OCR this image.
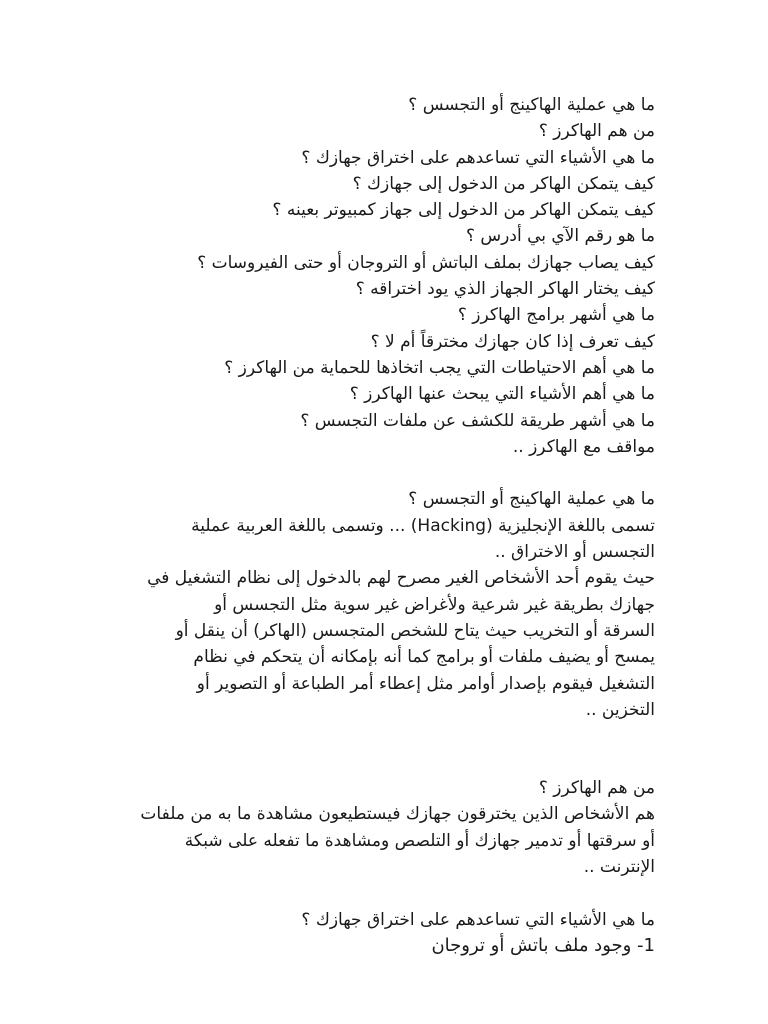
ما هي عملية الهاكينج أو التجسس ؟
من هم الهاكرز ؟
ما هي الأشياء التي تساعدهم على اختراق جهازك ؟
كيف يتمكن الهاكر من الدخول إلى جهازك ؟
كيف يتمكن الهاكر من الدخول إلى جهاز كمبيوتر بعينه ؟
ما هو رقم الآي بي أدرس ؟
كيف يصاب جهازك بملف الباتش أو التروجان أو حتى الفيروسات ؟
كيف يختار الهاكر الجهاز الذي يود اختراقه ؟
ما هي أشهر برامج الهاكرز ؟
كيف تعرف إذا كان جهازك مخترقاً أم لا ؟
ما هي أهم الاحتياطات التي يجب اتخاذها للحماية من الهاكرز ؟
ما هي أهم الأشياء التي يبحث عنها الهاكرز ؟
ما هي أشهر طريقة للكشف عن ملفات التجسس ؟
مواقف مع الهاكرز ..
ما هي عملية الهاكينج أو التجسس ؟
تسمى باللغة الإنجليزية (Hacking) ... وتسمى باللغة العربية عملية
التجسس أو الاختراق ..
حيث يقوم أحد الأشخاص الغير مصرح لهم بالدخول إلى نظام التشغيل في
جهازك بطريقة غير شرعية ولأغراض غير سوية مثل التجسس أو
السرقة أو التخريب حيث يتاح للشخص المتجسس (الهاكر) أن ينقل أو
يمسح أو يضيف ملفات أو برامج كما أنه بإمكانه أن يتحكم في نظام
التشغيل فيقوم بإصدار أوامر مثل إعطاء أمر الطباعة أو التصوير أو
التخزين ..
من هم الهاكرز ؟
هم الأشخاص الذين يخترقون جهازك فيستطيعون مشاهدة ما به من ملفات
أو سرقتها أو تدمير جهازك أو التلصص ومشاهدة ما تفعله على شبكة
الإنترنت ..
ما هي الأشياء التي تساعدهم على اختراق جهازك ؟
1- وجود ملف باتش أو تروجان
